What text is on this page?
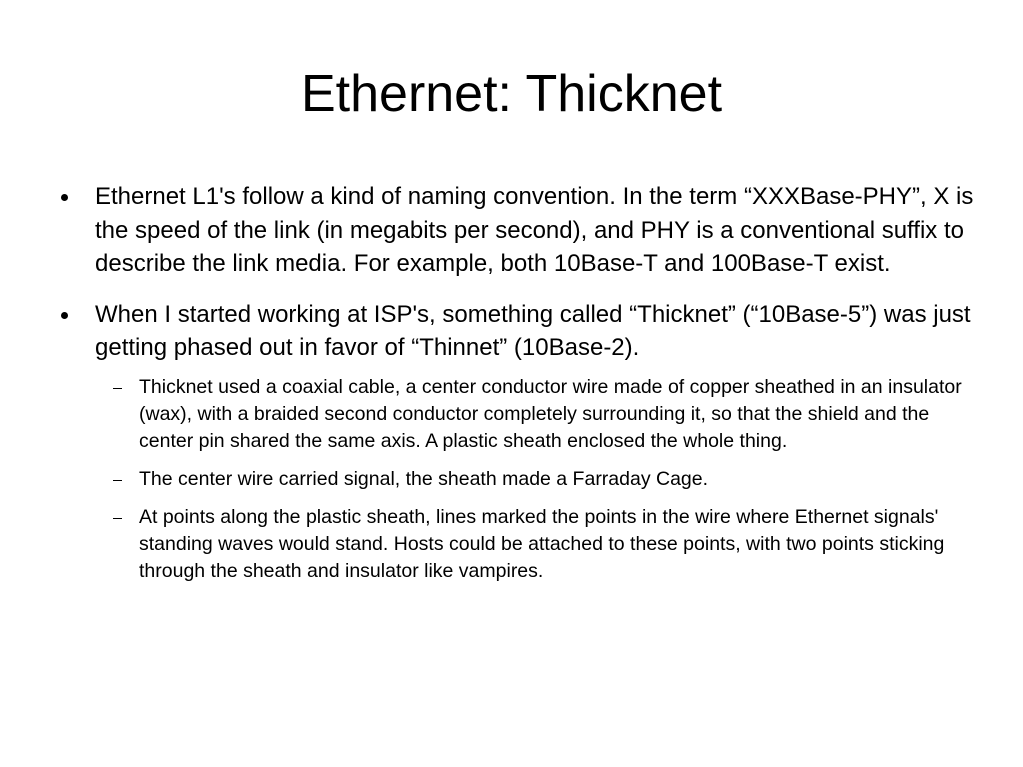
Ethernet: Thicknet
Ethernet L1's follow a kind of naming convention. In the term “XXXBase-PHY”, X is the speed of the link (in megabits per second), and PHY is a conventional suffix to describe the link media. For example, both 10Base-T and 100Base-T exist.
When I started working at ISP's, something called “Thicknet” (“10Base-5”) was just getting phased out in favor of “Thinnet” (10Base-2).
Thicknet used a coaxial cable, a center conductor wire made of copper sheathed in an insulator (wax), with a braided second conductor completely surrounding it, so that the shield and the center pin shared the same axis. A plastic sheath enclosed the whole thing.
The center wire carried signal, the sheath made a Farraday Cage.
At points along the plastic sheath, lines marked the points in the wire where Ethernet signals' standing waves would stand. Hosts could be attached to these points, with two points sticking through the sheath and insulator like vampires.
